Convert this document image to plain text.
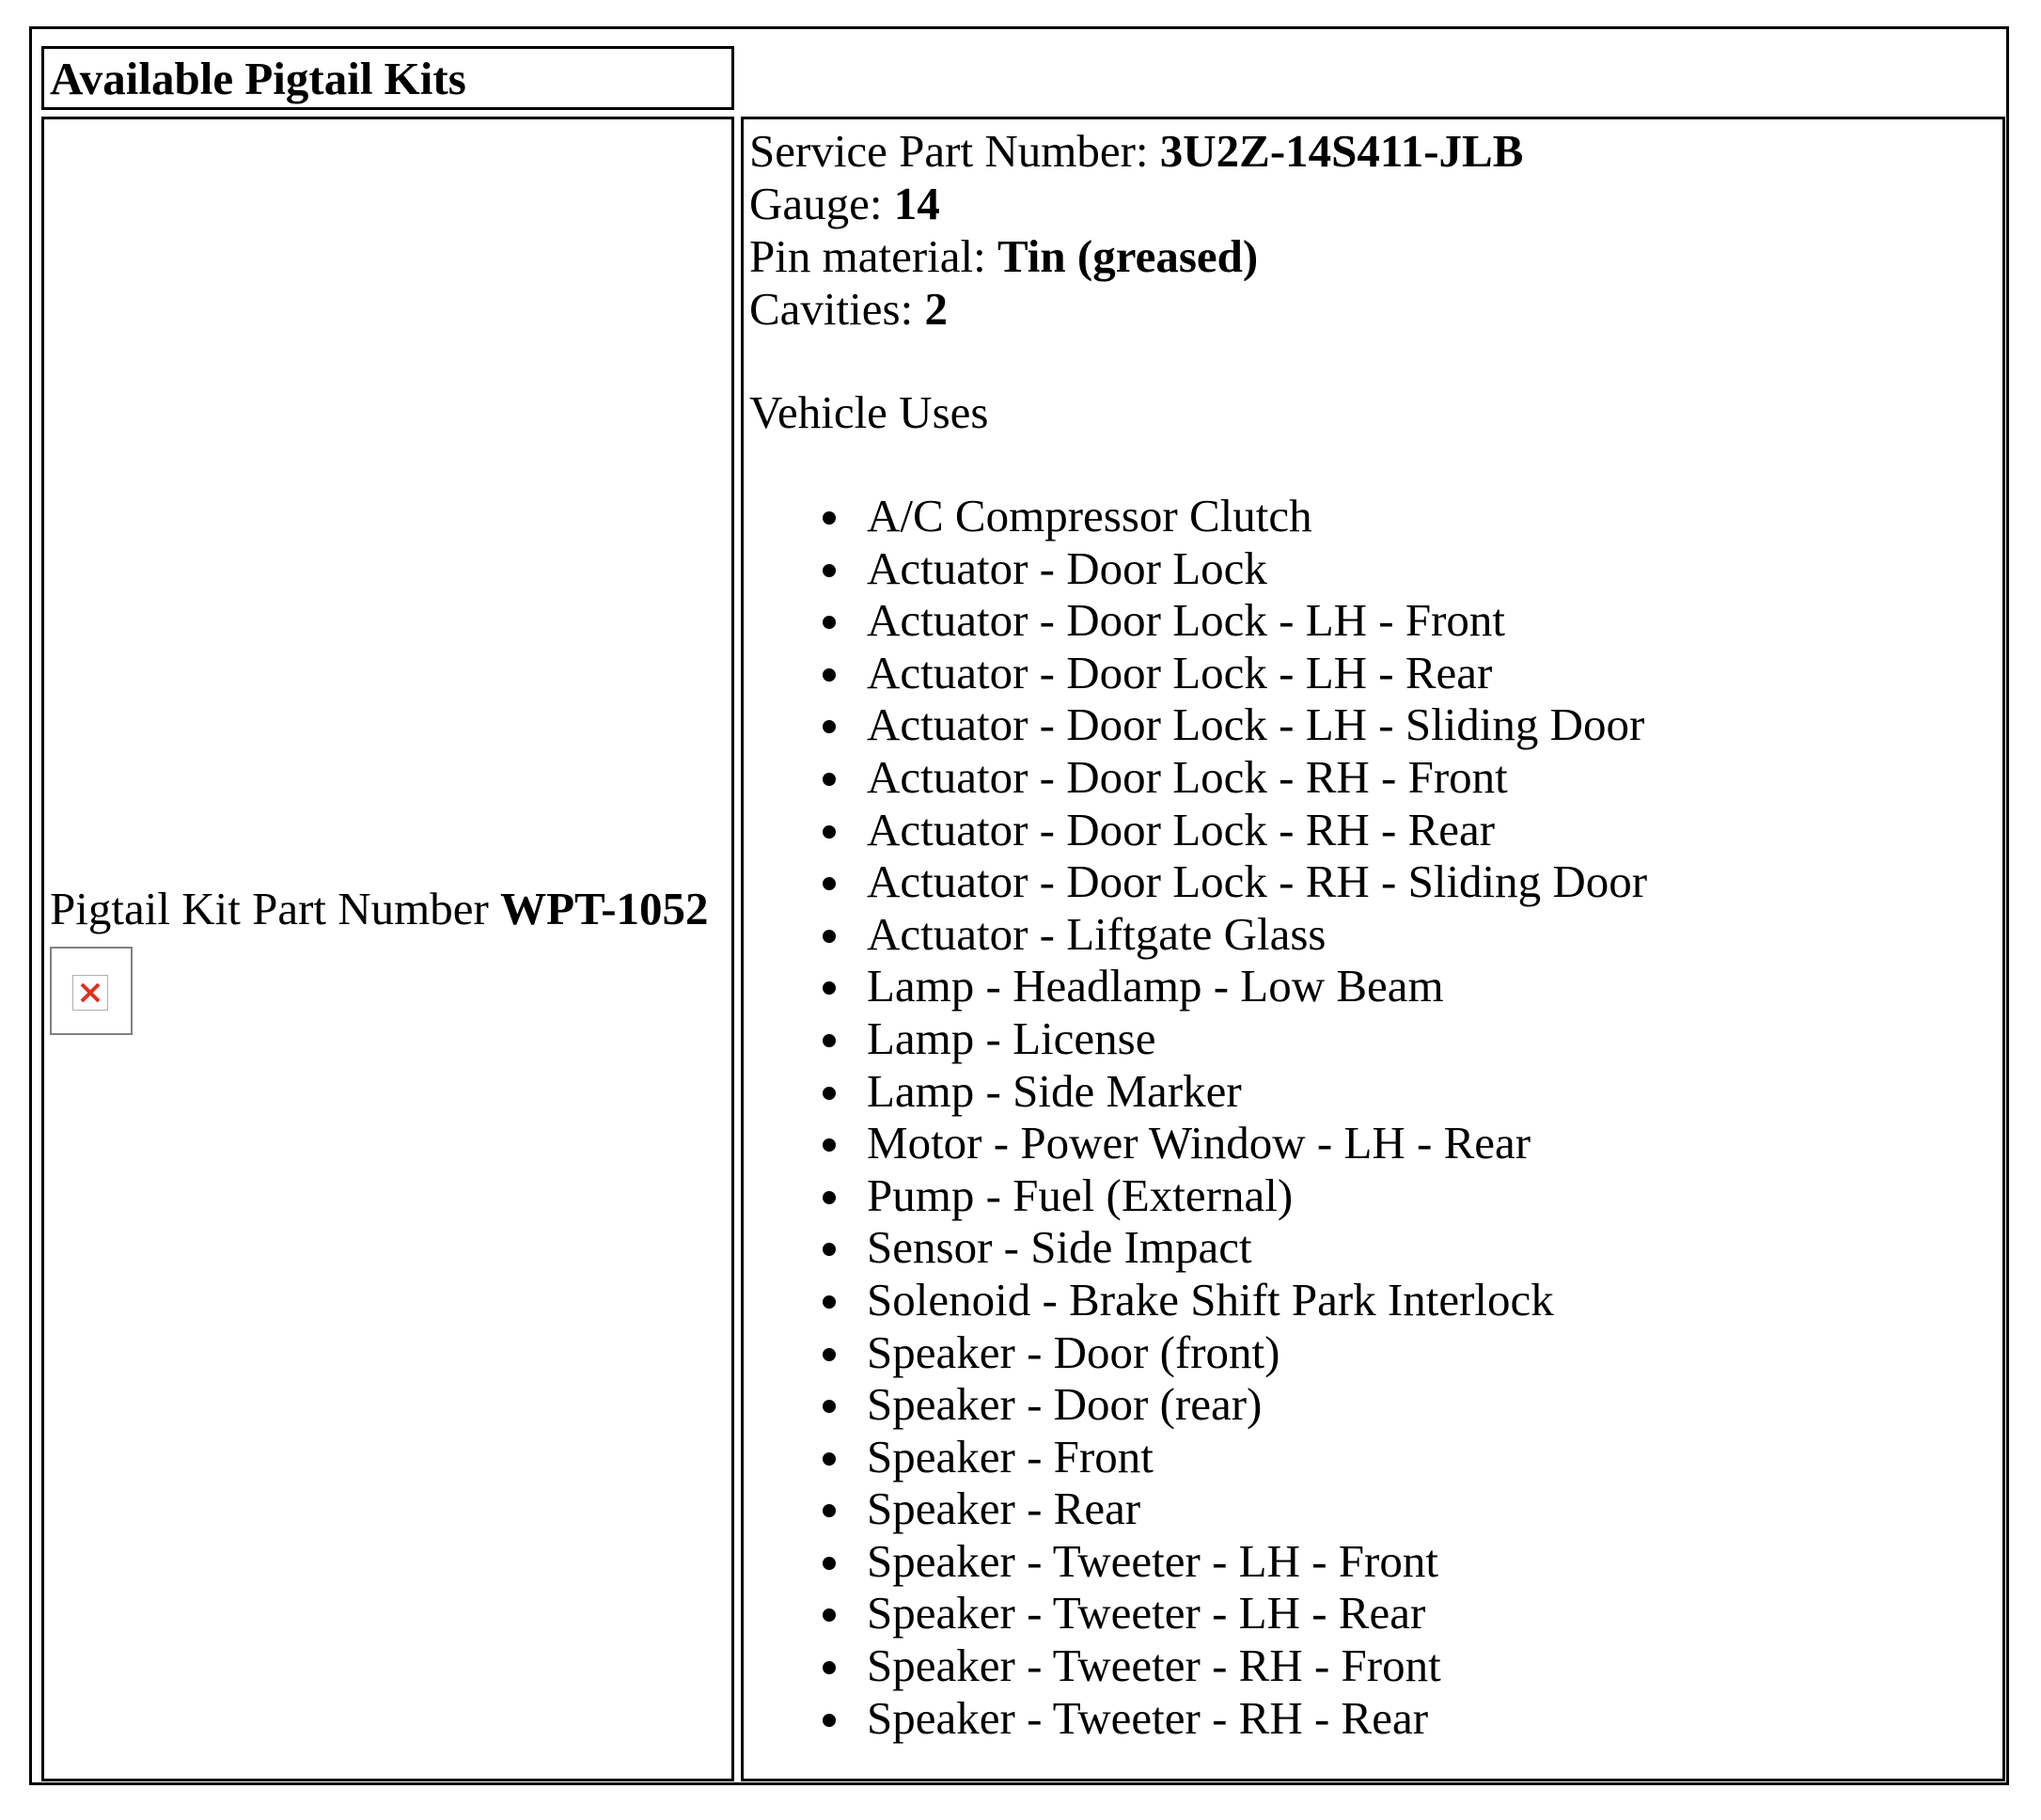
Available Pigtail Kits
Pigtail Kit Part Number WPT-1052
Service Part Number: 3U2Z-14S411-JLB
Gauge: 14
Pin material: Tin (greased)
Cavities: 2
Vehicle Uses
A/C Compressor Clutch
Actuator - Door Lock
Actuator - Door Lock - LH - Front
Actuator - Door Lock - LH - Rear
Actuator - Door Lock - LH - Sliding Door
Actuator - Door Lock - RH - Front
Actuator - Door Lock - RH - Rear
Actuator - Door Lock - RH - Sliding Door
Actuator - Liftgate Glass
Lamp - Headlamp - Low Beam
Lamp - License
Lamp - Side Marker
Motor - Power Window - LH - Rear
Pump - Fuel (External)
Sensor - Side Impact
Solenoid - Brake Shift Park Interlock
Speaker - Door (front)
Speaker - Door (rear)
Speaker - Front
Speaker - Rear
Speaker - Tweeter - LH - Front
Speaker - Tweeter - LH - Rear
Speaker - Tweeter - RH - Front
Speaker - Tweeter - RH - Rear
